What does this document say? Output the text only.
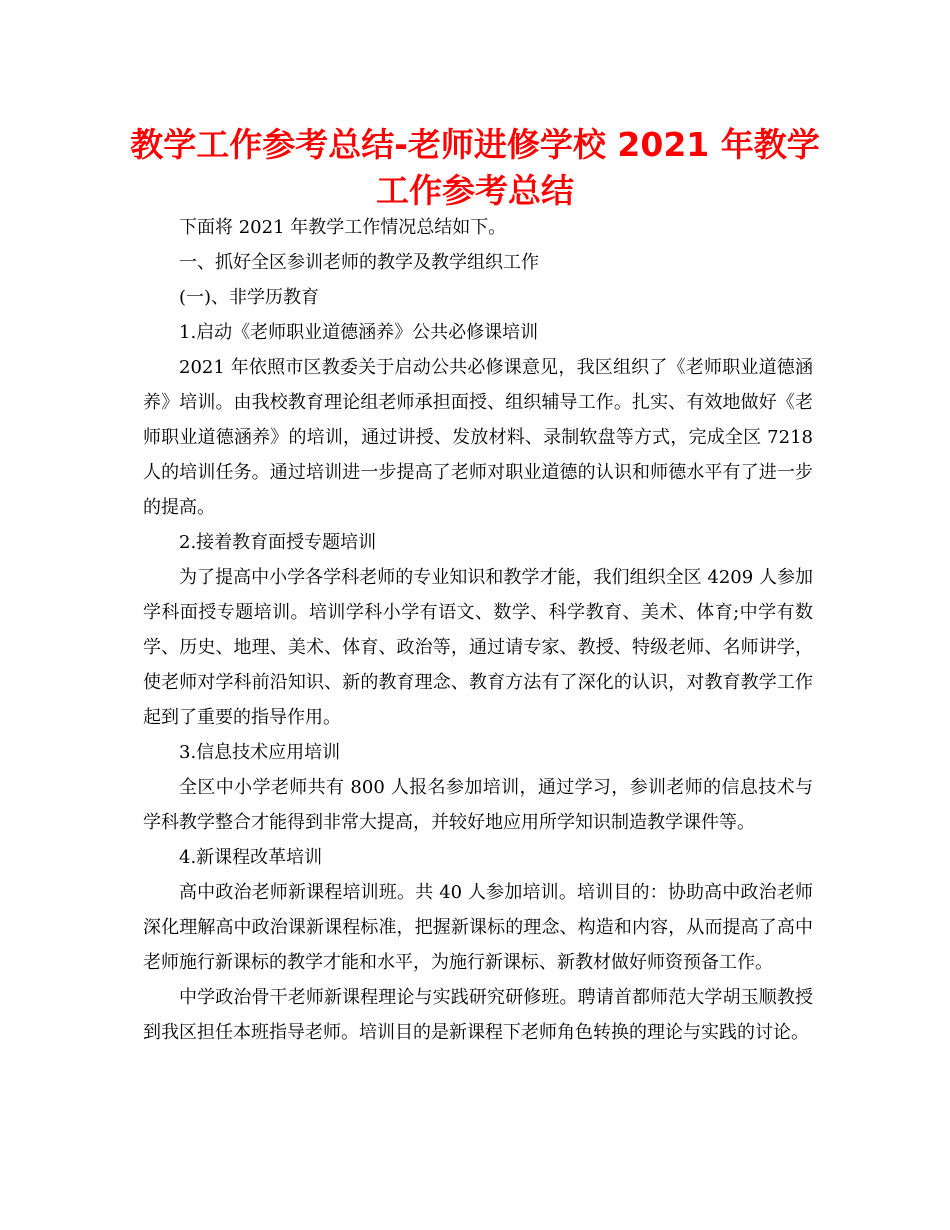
教学工作参考总结-老师进修学校 2021 年教学工作参考总结

下面将 2021 年教学工作情况总结如下。

一、抓好全区参训老师的教学及教学组织工作

(一)、非学历教育

1.启动《老师职业道德涵养》公共必修课培训

2021 年依照市区教委关于启动公共必修课意见，我区组织了《老师职业道德涵养》培训。由我校教育理论组老师承担面授、组织辅导工作。扎实、有效地做好《老师职业道德涵养》的培训，通过讲授、发放材料、录制软盘等方式，完成全区 7218 人的培训任务。通过培训进一步提高了老师对职业道德的认识和师德水平有了进一步的提高。

2.接着教育面授专题培训

为了提高中小学各学科老师的专业知识和教学才能，我们组织全区 4209 人参加学科面授专题培训。培训学科小学有语文、数学、科学教育、美术、体育;中学有数学、历史、地理、美术、体育、政治等，通过请专家、教授、特级老师、名师讲学，使老师对学科前沿知识、新的教育理念、教育方法有了深化的认识，对教育教学工作起到了重要的指导作用。

3.信息技术应用培训

全区中小学老师共有 800 人报名参加培训，通过学习，参训老师的信息技术与学科教学整合才能得到非常大提高，并较好地应用所学知识制造教学课件等。

4.新课程改革培训

高中政治老师新课程培训班。共 40 人参加培训。培训目的：协助高中政治老师深化理解高中政治课新课程标准，把握新课标的理念、构造和内容，从而提高了高中老师施行新课标的教学才能和水平，为施行新课标、新教材做好师资预备工作。

中学政治骨干老师新课程理论与实践研究研修班。聘请首都师范大学胡玉顺教授到我区担任本班指导老师。培训目的是新课程下老师角色转换的理论与实践的讨论。
